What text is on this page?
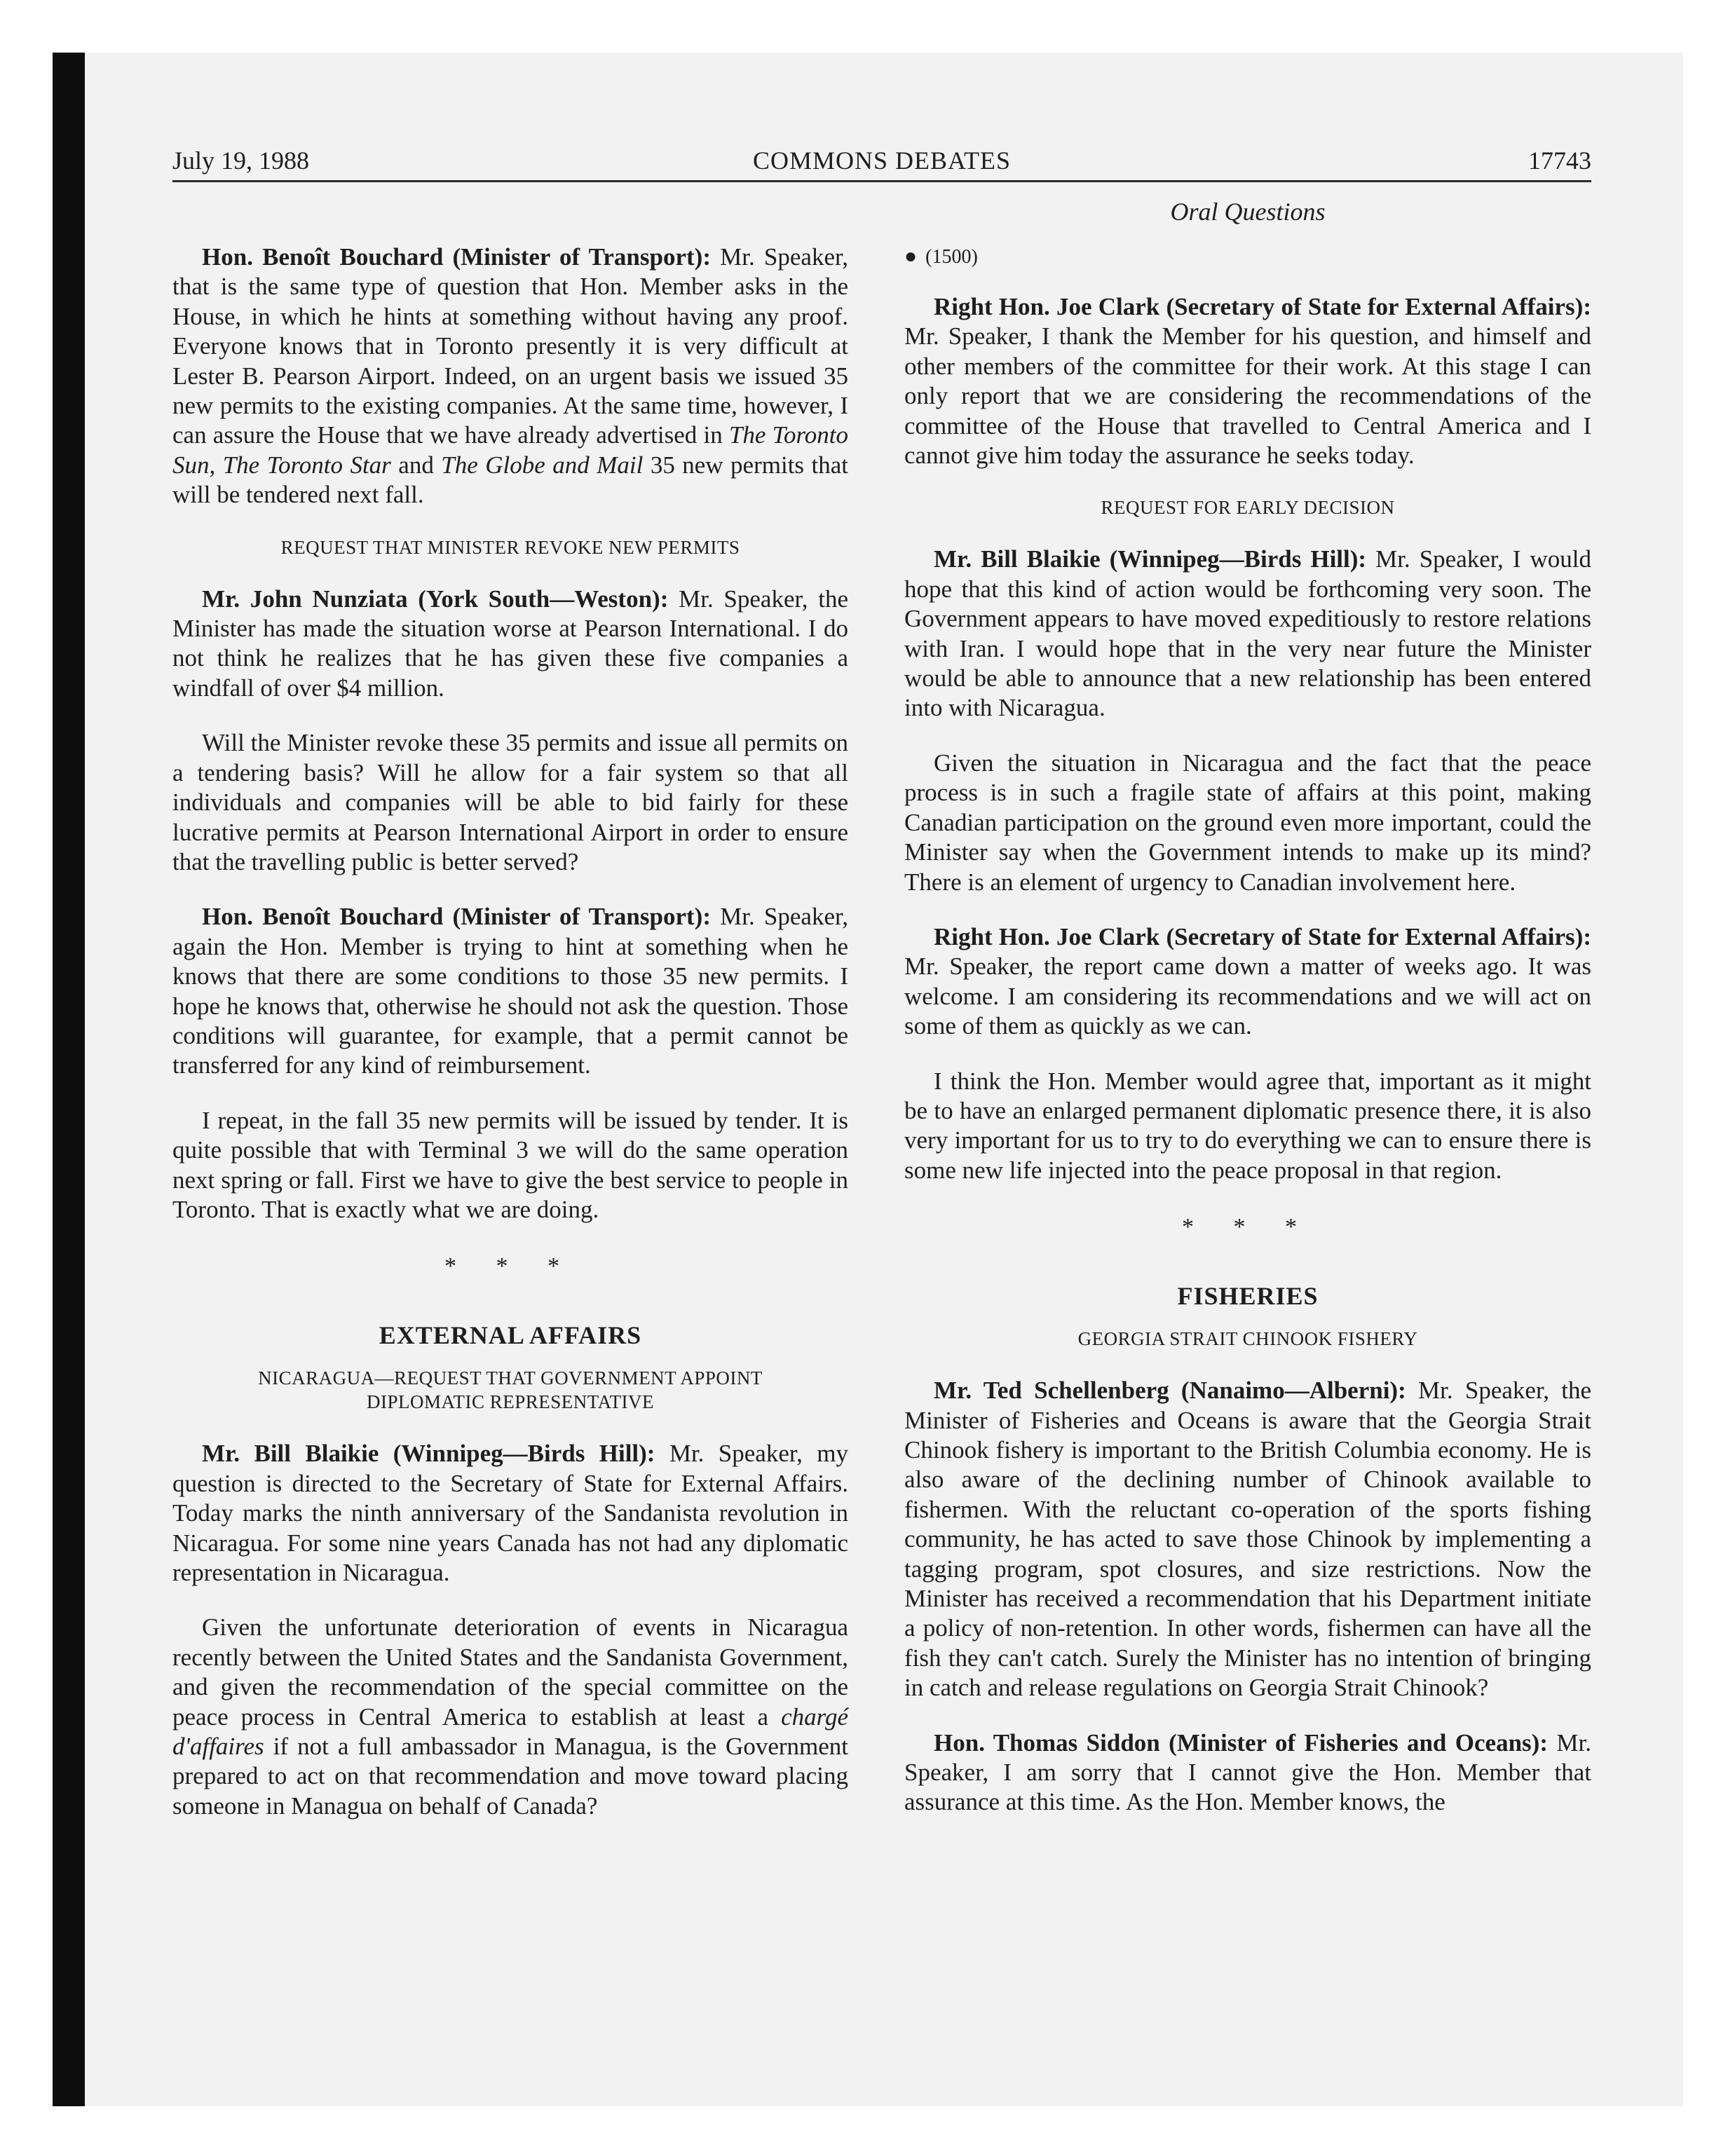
July 19, 1988	COMMONS DEBATES	17743
Oral Questions

Hon. Benoît Bouchard (Minister of Transport): Mr. Speaker, that is the same type of question that Hon. Member asks in the House, in which he hints at something without having any proof. Everyone knows that in Toronto presently it is very difficult at Lester B. Pearson Airport. Indeed, on an urgent basis we issued 35 new permits to the existing companies. At the same time, however, I can assure the House that we have already advertised in The Toronto Sun, The Toronto Star and The Globe and Mail 35 new permits that will be tendered next fall.

REQUEST THAT MINISTER REVOKE NEW PERMITS

Mr. John Nunziata (York South—Weston): Mr. Speaker, the Minister has made the situation worse at Pearson International. I do not think he realizes that he has given these five companies a windfall of over $4 million.

Will the Minister revoke these 35 permits and issue all permits on a tendering basis? Will he allow for a fair system so that all individuals and companies will be able to bid fairly for these lucrative permits at Pearson International Airport in order to ensure that the travelling public is better served?

Hon. Benoît Bouchard (Minister of Transport): Mr. Speaker, again the Hon. Member is trying to hint at something when he knows that there are some conditions to those 35 new permits. I hope he knows that, otherwise he should not ask the question. Those conditions will guarantee, for example, that a permit cannot be transferred for any kind of reimbursement.

I repeat, in the fall 35 new permits will be issued by tender. It is quite possible that with Terminal 3 we will do the same operation next spring or fall. First we have to give the best service to people in Toronto. That is exactly what we are doing.

* * *
EXTERNAL AFFAIRS
NICARAGUA—REQUEST THAT GOVERNMENT APPOINT
DIPLOMATIC REPRESENTATIVE

Mr. Bill Blaikie (Winnipeg—Birds Hill): Mr. Speaker, my question is directed to the Secretary of State for External Affairs. Today marks the ninth anniversary of the Sandanista revolution in Nicaragua. For some nine years Canada has not had any diplomatic representation in Nicaragua.

Given the unfortunate deterioration of events in Nicaragua recently between the United States and the Sandanista Government, and given the recommendation of the special committee on the peace process in Central America to establish at least a chargé d'affaires if not a full ambassador in Managua, is the Government prepared to act on that recommendation and move toward placing someone in Managua on behalf of Canada?

● (1500)

Right Hon. Joe Clark (Secretary of State for External Affairs): Mr. Speaker, I thank the Member for his question, and himself and other members of the committee for their work. At this stage I can only report that we are considering the recommendations of the committee of the House that travelled to Central America and I cannot give him today the assurance he seeks today.

REQUEST FOR EARLY DECISION

Mr. Bill Blaikie (Winnipeg—Birds Hill): Mr. Speaker, I would hope that this kind of action would be forthcoming very soon. The Government appears to have moved expeditiously to restore relations with Iran. I would hope that in the very near future the Minister would be able to announce that a new relationship has been entered into with Nicaragua.

Given the situation in Nicaragua and the fact that the peace process is in such a fragile state of affairs at this point, making Canadian participation on the ground even more important, could the Minister say when the Government intends to make up its mind? There is an element of urgency to Canadian involvement here.

Right Hon. Joe Clark (Secretary of State for External Affairs): Mr. Speaker, the report came down a matter of weeks ago. It was welcome. I am considering its recommendations and we will act on some of them as quickly as we can.

I think the Hon. Member would agree that, important as it might be to have an enlarged permanent diplomatic presence there, it is also very important for us to try to do everything we can to ensure there is some new life injected into the peace proposal in that region.

* * *
FISHERIES
GEORGIA STRAIT CHINOOK FISHERY

Mr. Ted Schellenberg (Nanaimo—Alberni): Mr. Speaker, the Minister of Fisheries and Oceans is aware that the Georgia Strait Chinook fishery is important to the British Columbia economy. He is also aware of the declining number of Chinook available to fishermen. With the reluctant co-operation of the sports fishing community, he has acted to save those Chinook by implementing a tagging program, spot closures, and size restrictions. Now the Minister has received a recommendation that his Department initiate a policy of non-retention. In other words, fishermen can have all the fish they can't catch. Surely the Minister has no intention of bringing in catch and release regulations on Georgia Strait Chinook?

Hon. Thomas Siddon (Minister of Fisheries and Oceans): Mr. Speaker, I am sorry that I cannot give the Hon. Member that assurance at this time. As the Hon. Member knows, the
